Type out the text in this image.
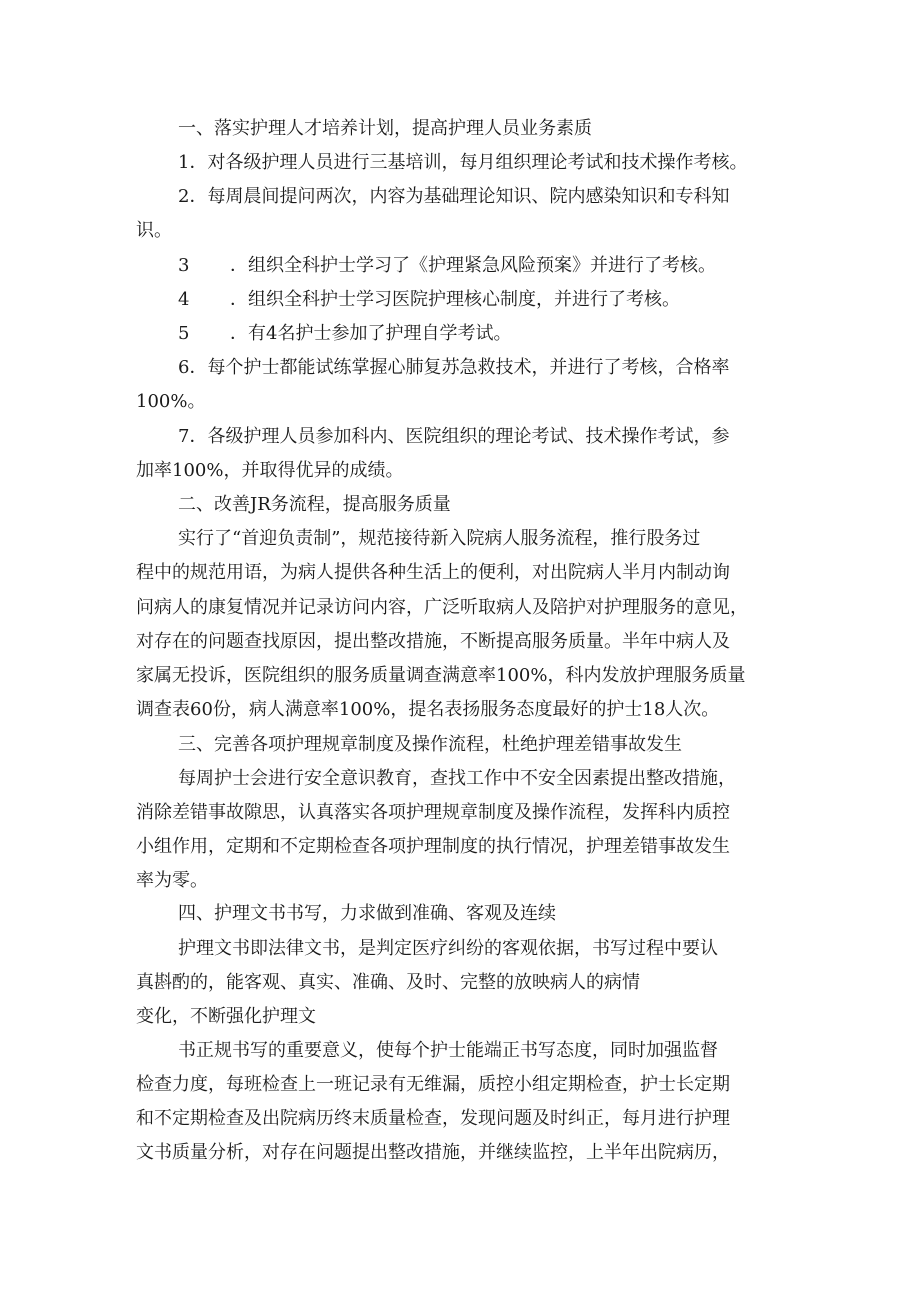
一、落实护理人才培养计划，提高护理人员业务素质
1．对各级护理人员进行三基培训，每月组织理论考试和技术操作考核。
2．每周晨间提问两次，内容为基础理论知识、院内感染知识和专科知
识。
3 ．组织全科护士学习了《护理紧急风险预案》并进行了考核。
4 ．组织全科护士学习医院护理核心制度，并进行了考核。
5 ．有4名护士参加了护理自学考试。
6．每个护士都能试练掌握心肺复苏急救技术，并进行了考核，合格率
100%。
7．各级护理人员参加科内、医院组织的理论考试、技术操作考试，参
加率100%，并取得优异的成绩。
二、改善JR务流程，提高服务质量
实行了“首迎负责制”，规范接待新入院病人服务流程，推行股务过
程中的规范用语，为病人提供各种生活上的便利，对出院病人半月内制动询
问病人的康复情况并记录访问内容，广泛听取病人及陪护对护理服务的意见，
对存在的问题查找原因，提出整改措施，不断提高服务质量。半年中病人及
家属无投诉，医院组织的服务质量调查满意率100%，科内发放护理服务质量
调查表60份，病人满意率100%，提名表扬服务态度最好的护士18人次。
三、完善各项护理规章制度及操作流程，杜绝护理差错事故发生
每周护士会进行安全意识教育，查找工作中不安全因素提出整改措施，
消除差错事故隙思，认真落实各项护理规章制度及操作流程，发挥科内质控
小组作用，定期和不定期检查各项护理制度的执行情况，护理差错事故发生
率为零。
四、护理文书书写，力求做到准确、客观及连续
护理文书即法律文书，是判定医疗纠纷的客观依据，书写过程中要认
真斟酌的，能客观、真实、准确、及时、完整的放映病人的病情
变化，不断强化护理文
书正规书写的重要意义，使每个护士能端正书写态度，同时加强监督
检查力度，每班检查上一班记录有无维漏，质控小组定期检查，护士长定期
和不定期检查及出院病历终末质量检查，发现问题及时纠正，每月进行护理
文书质量分析，对存在问题提出整改措施，并继续监控，上半年出院病历，
